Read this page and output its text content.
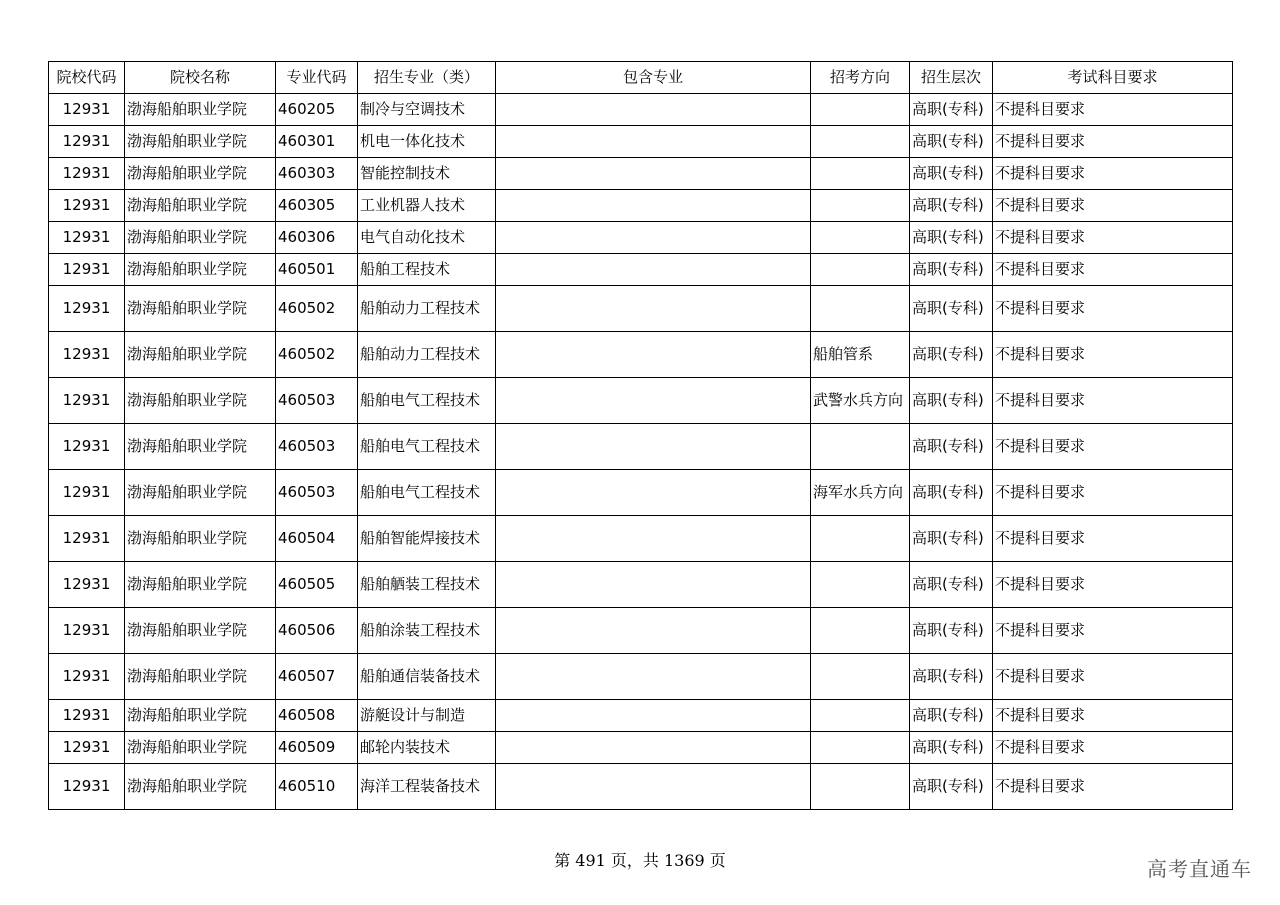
院校代码	院校名称	专业代码	招生专业（类）	包含专业	招考方向	招生层次	考试科目要求
12931	渤海船舶职业学院	460205	制冷与空调技术			高职(专科)	不提科目要求
12931	渤海船舶职业学院	460301	机电一体化技术			高职(专科)	不提科目要求
12931	渤海船舶职业学院	460303	智能控制技术			高职(专科)	不提科目要求
12931	渤海船舶职业学院	460305	工业机器人技术			高职(专科)	不提科目要求
12931	渤海船舶职业学院	460306	电气自动化技术			高职(专科)	不提科目要求
12931	渤海船舶职业学院	460501	船舶工程技术			高职(专科)	不提科目要求
12931	渤海船舶职业学院	460502	船舶动力工程技术			高职(专科)	不提科目要求
12931	渤海船舶职业学院	460502	船舶动力工程技术		船舶管系	高职(专科)	不提科目要求
12931	渤海船舶职业学院	460503	船舶电气工程技术		武警水兵方向	高职(专科)	不提科目要求
12931	渤海船舶职业学院	460503	船舶电气工程技术			高职(专科)	不提科目要求
12931	渤海船舶职业学院	460503	船舶电气工程技术		海军水兵方向	高职(专科)	不提科目要求
12931	渤海船舶职业学院	460504	船舶智能焊接技术			高职(专科)	不提科目要求
12931	渤海船舶职业学院	460505	船舶舾装工程技术			高职(专科)	不提科目要求
12931	渤海船舶职业学院	460506	船舶涂装工程技术			高职(专科)	不提科目要求
12931	渤海船舶职业学院	460507	船舶通信装备技术			高职(专科)	不提科目要求
12931	渤海船舶职业学院	460508	游艇设计与制造			高职(专科)	不提科目要求
12931	渤海船舶职业学院	460509	邮轮内装技术			高职(专科)	不提科目要求
12931	渤海船舶职业学院	460510	海洋工程装备技术			高职(专科)	不提科目要求
第 491 页，共 1369 页	高考直通车
